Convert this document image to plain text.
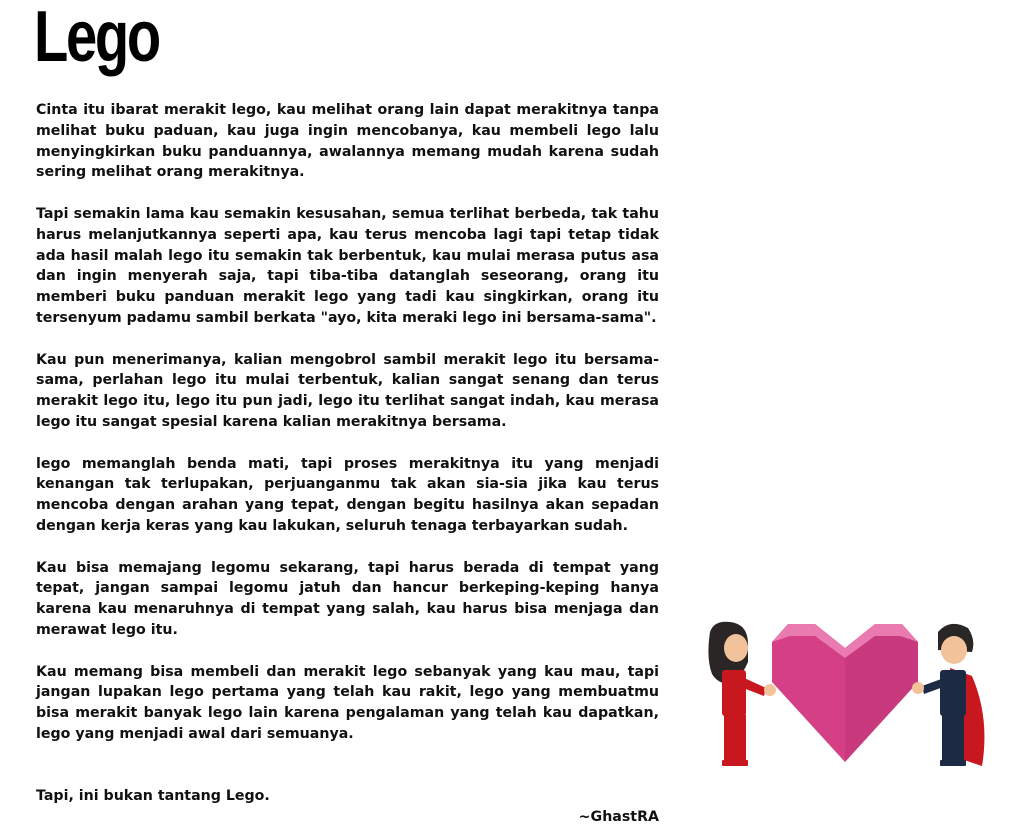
Lego

Cinta itu ibarat merakit lego, kau melihat orang lain dapat merakitnya tanpa melihat buku paduan, kau juga ingin mencobanya, kau membeli lego lalu menyingkirkan buku panduannya, awalannya memang mudah karena sudah sering melihat orang merakitnya.

Tapi semakin lama kau semakin kesusahan, semua terlihat berbeda, tak tahu harus melanjutkannya seperti apa, kau terus mencoba lagi tapi tetap tidak ada hasil malah lego itu semakin tak berbentuk, kau mulai merasa putus asa dan ingin menyerah saja, tapi tiba-tiba datanglah seseorang, orang itu memberi buku panduan merakit lego yang tadi kau singkirkan, orang itu tersenyum padamu sambil berkata "ayo, kita meraki lego ini bersama-sama".

Kau pun menerimanya, kalian mengobrol sambil merakit lego itu bersama-sama, perlahan lego itu mulai terbentuk, kalian sangat senang dan terus merakit lego itu, lego itu pun jadi, lego itu terlihat sangat indah, kau merasa lego itu sangat spesial karena kalian merakitnya bersama.

lego memanglah benda mati, tapi proses merakitnya itu yang menjadi kenangan tak terlupakan, perjuanganmu tak akan sia-sia jika kau terus mencoba dengan arahan yang tepat, dengan begitu hasilnya akan sepadan dengan kerja keras yang kau lakukan, seluruh tenaga terbayarkan sudah.

Kau bisa memajang legomu sekarang, tapi harus berada di tempat yang tepat, jangan sampai legomu jatuh dan hancur berkeping-keping hanya karena kau menaruhnya di tempat yang salah, kau harus bisa menjaga dan merawat lego itu.

Kau memang bisa membeli dan merakit lego sebanyak yang kau mau, tapi jangan lupakan lego pertama yang telah kau rakit, lego yang membuatmu bisa merakit banyak lego lain karena pengalaman yang telah kau dapatkan, lego yang menjadi awal dari semuanya.

Tapi, ini bukan tantang Lego.

~GhastRA
